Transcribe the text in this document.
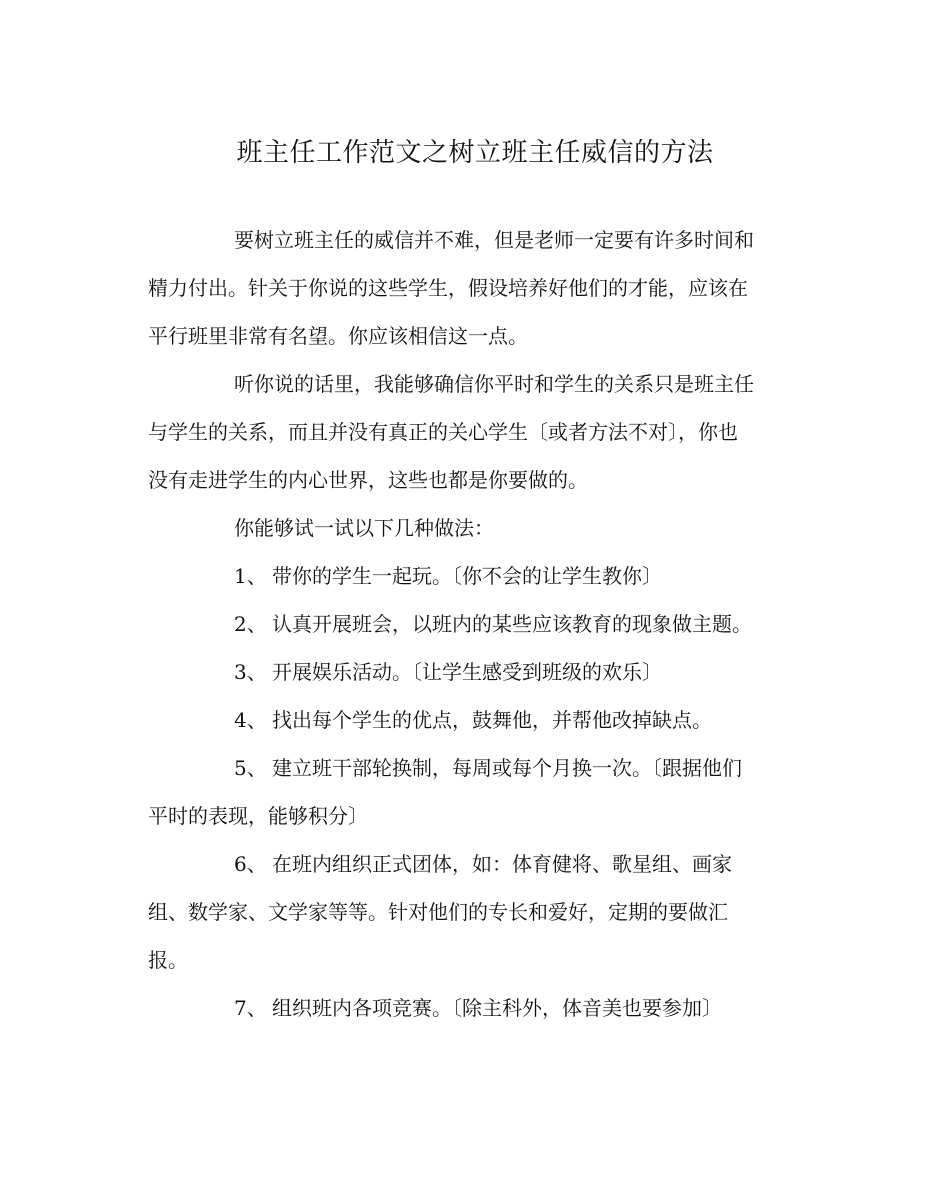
班主任工作范文之树立班主任威信的方法
要树立班主任的威信并不难，但是老师一定要有许多时间和
精力付出。针关于你说的这些学生，假设培养好他们的才能，应该在
平行班里非常有名望。你应该相信这一点。
听你说的话里，我能够确信你平时和学生的关系只是班主任
与学生的关系，而且并没有真正的关心学生〔或者方法不对〕，你也
没有走进学生的内心世界，这些也都是你要做的。
你能够试一试以下几种做法：
1、 带你的学生一起玩。〔你不会的让学生教你〕
2、 认真开展班会，以班内的某些应该教育的现象做主题。
3、 开展娱乐活动。〔让学生感受到班级的欢乐〕
4、 找出每个学生的优点，鼓舞他，并帮他改掉缺点。
5、 建立班干部轮换制，每周或每个月换一次。〔跟据他们
平时的表现，能够积分〕
6、 在班内组织正式团体，如：体育健将、歌星组、画家
组、数学家、文学家等等。针对他们的专长和爱好，定期的要做汇
报。
7、 组织班内各项竞赛。〔除主科外，体音美也要参加〕
